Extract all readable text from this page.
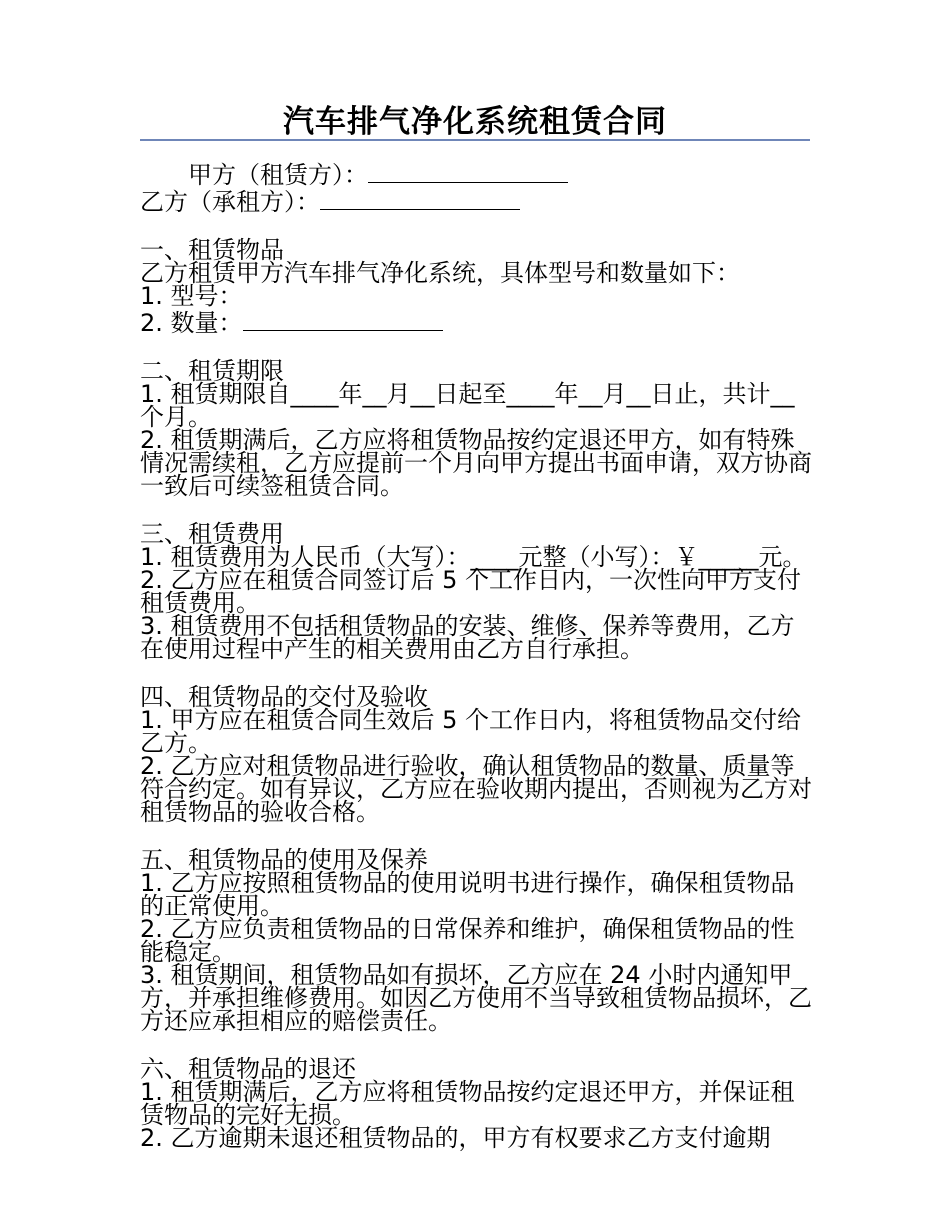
汽车排气净化系统租赁合同
甲方（租赁方）：
乙方（承租方）：
一、租赁物品
乙方租赁甲方汽车排气净化系统，具体型号和数量如下：
1. 型号：
2. 数量：
二、租赁期限
1. 租赁期限自____年__月__日起至____年__月__日止，共计__个月。
2. 租赁期满后，乙方应将租赁物品按约定退还甲方，如有特殊情况需续租，乙方应提前一个月向甲方提出书面申请，双方协商一致后可续签租赁合同。
三、租赁费用
1. 租赁费用为人民币（大写）：____元整（小写）：￥_____元。
2. 乙方应在租赁合同签订后 5 个工作日内，一次性向甲方支付租赁费用。
3. 租赁费用不包括租赁物品的安装、维修、保养等费用，乙方在使用过程中产生的相关费用由乙方自行承担。
四、租赁物品的交付及验收
1. 甲方应在租赁合同生效后 5 个工作日内，将租赁物品交付给乙方。
2. 乙方应对租赁物品进行验收，确认租赁物品的数量、质量等符合约定。如有异议，乙方应在验收期内提出，否则视为乙方对租赁物品的验收合格。
五、租赁物品的使用及保养
1. 乙方应按照租赁物品的使用说明书进行操作，确保租赁物品的正常使用。
2. 乙方应负责租赁物品的日常保养和维护，确保租赁物品的性能稳定。
3. 租赁期间，租赁物品如有损坏，乙方应在 24 小时内通知甲方，并承担维修费用。如因乙方使用不当导致租赁物品损坏，乙方还应承担相应的赔偿责任。
六、租赁物品的退还
1. 租赁期满后，乙方应将租赁物品按约定退还甲方，并保证租赁物品的完好无损。
2. 乙方逾期未退还租赁物品的，甲方有权要求乙方支付逾期
